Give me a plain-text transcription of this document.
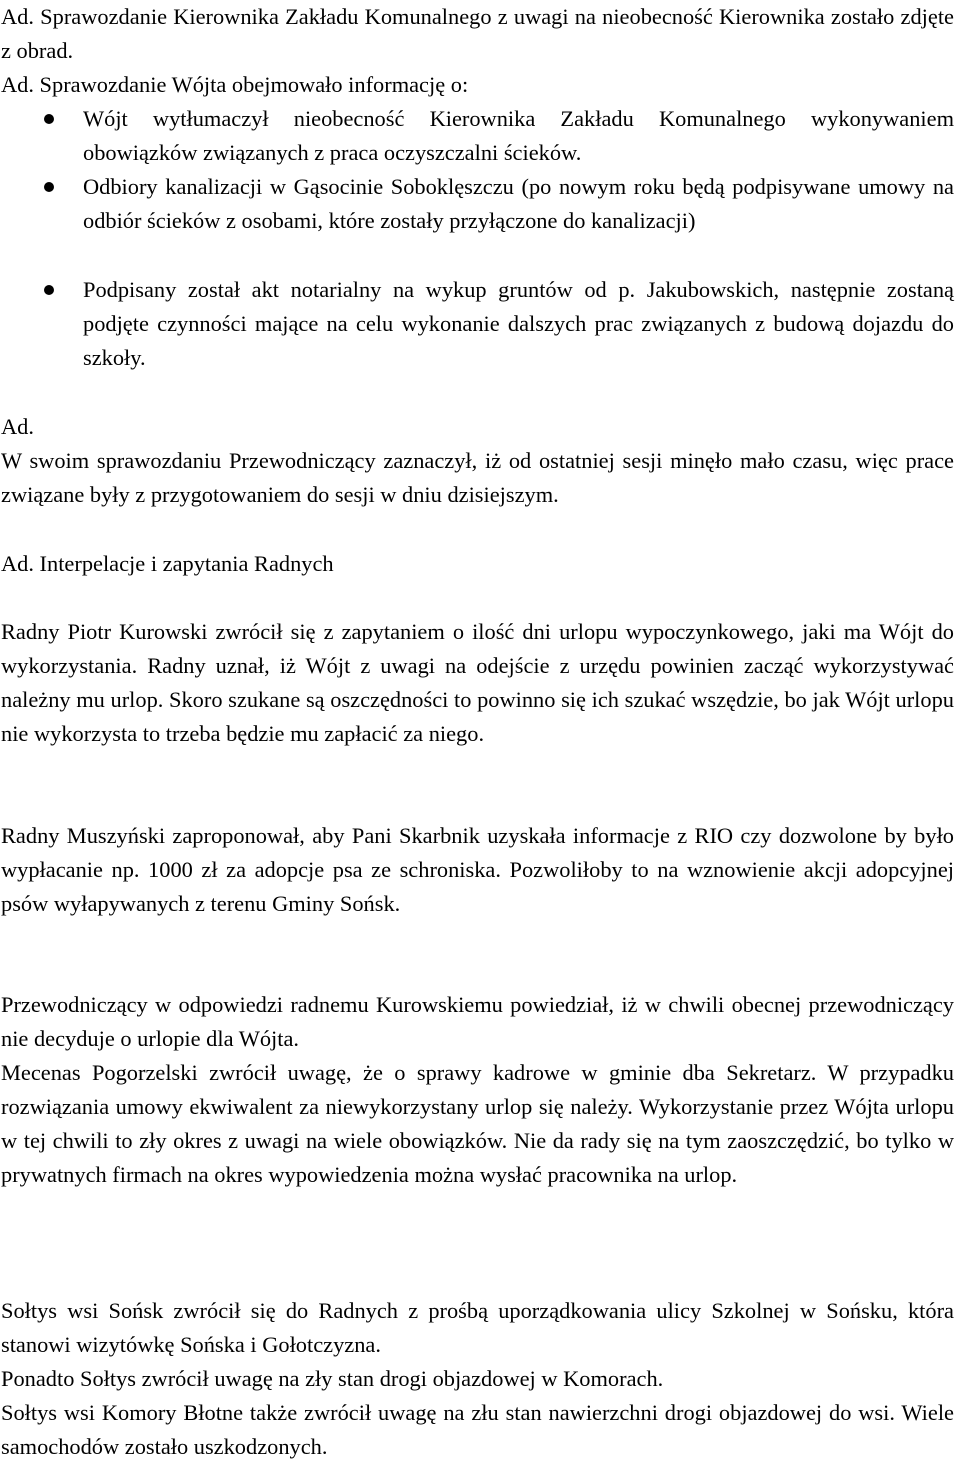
Ad. Sprawozdanie Kierownika Zakładu Komunalnego z uwagi na nieobecność Kierownika zostało zdjęte z obrad.

Ad. Sprawozdanie Wójta obejmowało informację o:

Wójt wytłumaczył nieobecność Kierownika Zakładu Komunalnego wykonywaniem obowiązków związanych z praca oczyszczalni ścieków.

Odbiory kanalizacji w Gąsocinie Soboklęszczu (po nowym roku będą podpisywane umowy na odbiór ścieków z osobami, które zostały przyłączone do kanalizacji)

Podpisany został akt notarialny na wykup gruntów od p. Jakubowskich, następnie zostaną podjęte czynności mające na celu wykonanie dalszych prac związanych z budową dojazdu do szkoły.

Ad.

W swoim sprawozdaniu Przewodniczący zaznaczył, iż od ostatniej sesji minęło mało czasu, więc prace związane były z przygotowaniem do sesji w dniu dzisiejszym.

Ad. Interpelacje i zapytania Radnych

Radny Piotr Kurowski zwrócił się z zapytaniem o ilość dni urlopu wypoczynkowego, jaki ma Wójt do wykorzystania. Radny uznał, iż Wójt z uwagi na odejście z urzędu powinien zacząć wykorzystywać należny mu urlop. Skoro szukane są oszczędności to powinno się ich szukać wszędzie, bo jak Wójt urlopu nie wykorzysta to trzeba będzie mu zapłacić za niego.

Radny Muszyński zaproponował, aby Pani Skarbnik uzyskała informacje z RIO czy dozwolone by było wypłacanie np. 1000 zł za adopcje psa ze schroniska. Pozwoliłoby to na wznowienie akcji adopcyjnej psów wyłapywanych z terenu Gminy Sońsk.

Przewodniczący w odpowiedzi radnemu Kurowskiemu powiedział, iż w chwili obecnej przewodniczący nie decyduje o urlopie dla Wójta.

Mecenas Pogorzelski zwrócił uwagę, że o sprawy kadrowe w gminie dba Sekretarz. W przypadku rozwiązania umowy ekwiwalent za niewykorzystany urlop się należy. Wykorzystanie przez Wójta urlopu w tej chwili to zły okres z uwagi na wiele obowiązków. Nie da rady się na tym zaoszczędzić, bo tylko w prywatnych firmach na okres wypowiedzenia można wysłać pracownika na urlop.

Sołtys wsi Sońsk zwrócił się do Radnych z prośbą uporządkowania ulicy Szkolnej w Sońsku, która stanowi wizytówkę Sońska i Gołotczyzna.

Ponadto Sołtys zwrócił uwagę na zły stan drogi objazdowej w Komorach.

Sołtys wsi Komory Błotne także zwrócił uwagę na złu stan nawierzchni drogi objazdowej do wsi. Wiele samochodów zostało uszkodzonych.
